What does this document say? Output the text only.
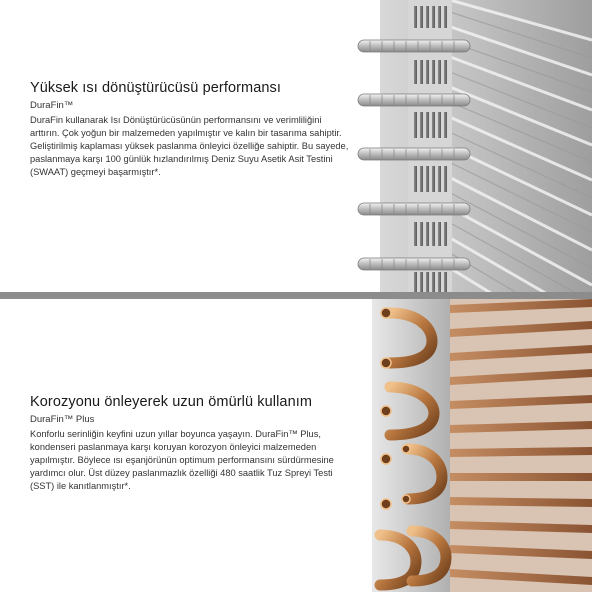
Yüksek ısı dönüştürücüsü performansı

DuraFin™

DuraFin kullanarak Isı Dönüştürücüsünün performansını ve verimliliğini arttırın. Çok yoğun bir malzemeden yapılmıştır ve kalın bir tasarıma sahiptir. Geliştirilmiş kaplaması yüksek paslanma önleyici özelliğe sahiptir. Bu sayede, paslanmaya karşı 100 günlük hızlandırılmış Deniz Suyu Asetik Asit Testini (SWAAT) geçmeyi başarmıştır*.

Korozyonu önleyerek uzun ömürlü kullanım

DuraFin™ Plus

Konforlu serinliğin keyfini uzun yıllar boyunca yaşayın. DuraFin™ Plus, kondenseri paslanmaya karşı koruyan korozyon önleyici malzemeden yapılmıştır. Böylece ısı eşanjörünün optimum performansını sürdürmesine yardımcı olur. Üst düzey paslanmazlık özelliği 480 saatlik Tuz Spreyi Testi (SST) ile kanıtlanmıştır*.
